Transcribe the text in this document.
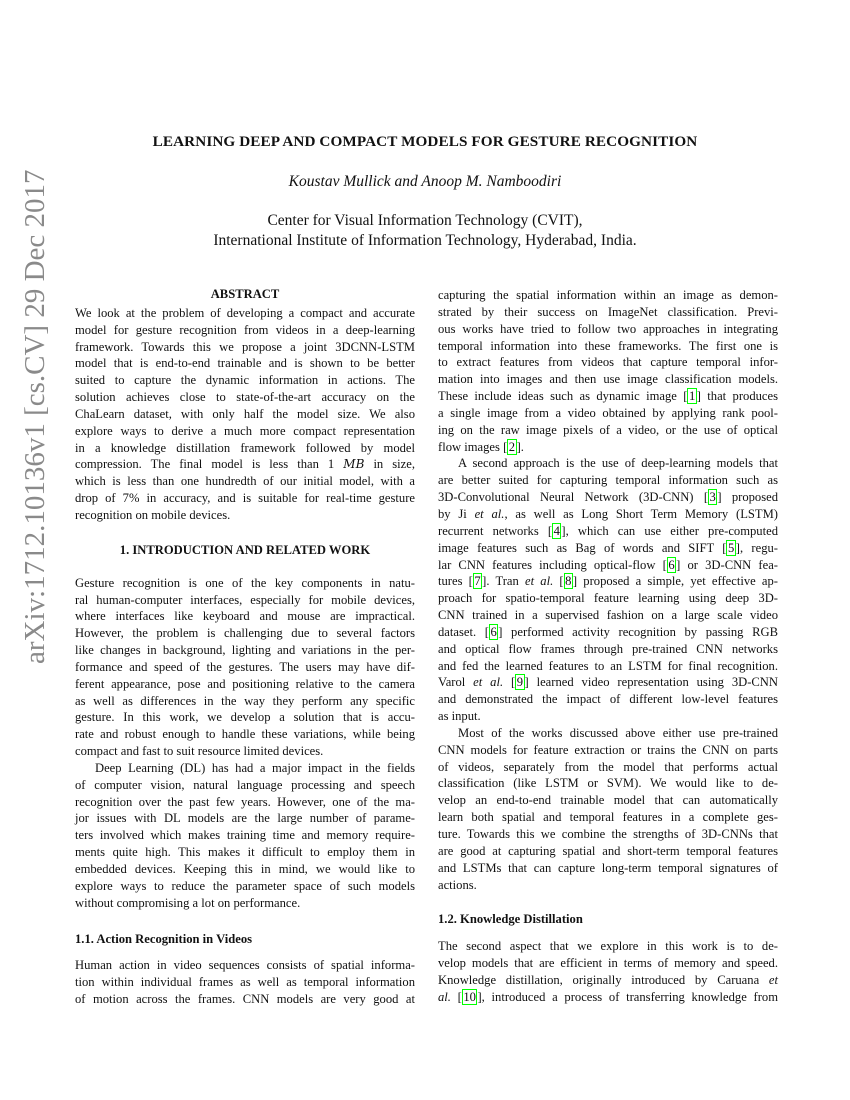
LEARNING DEEP AND COMPACT MODELS FOR GESTURE RECOGNITION
Koustav Mullick and Anoop M. Namboodiri
Center for Visual Information Technology (CVIT),
International Institute of Information Technology, Hyderabad, India.
arXiv:1712.10136v1 [cs.CV] 29 Dec 2017	ABSTRACT
We look at the problem of developing a compact and accurate
model for gesture recognition from videos in a deep-learning
framework. Towards this we propose a joint 3DCNN-LSTM
model that is end-to-end trainable and is shown to be better
suited to capture the dynamic information in actions. The
solution achieves close to state-of-the-art accuracy on the
ChaLearn dataset, with only half the model size. We also
explore ways to derive a much more compact representation
in a knowledge distillation framework followed by model
compression. The final model is less than 1 MB in size,
which is less than one hundredth of our initial model, with a
drop of 7% in accuracy, and is suitable for real-time gesture
recognition on mobile devices.
1. INTRODUCTION AND RELATED WORK
Gesture recognition is one of the key components in natu-
ral human-computer interfaces, especially for mobile devices,
where interfaces like keyboard and mouse are impractical.
However, the problem is challenging due to several factors
like changes in background, lighting and variations in the per-
formance and speed of the gestures. The users may have dif-
ferent appearance, pose and positioning relative to the camera
as well as differences in the way they perform any specific
gesture. In this work, we develop a solution that is accu-
rate and robust enough to handle these variations, while being
compact and fast to suit resource limited devices.
Deep Learning (DL) has had a major impact in the fields
of computer vision, natural language processing and speech
recognition over the past few years. However, one of the ma-
jor issues with DL models are the large number of parame-
ters involved which makes training time and memory require-
ments quite high. This makes it difficult to employ them in
embedded devices. Keeping this in mind, we would like to
explore ways to reduce the parameter space of such models
without compromising a lot on performance.
1.1. Action Recognition in Videos
Human action in video sequences consists of spatial informa-
tion within individual frames as well as temporal information
of motion across the frames. CNN models are very good at
capturing the spatial information within an image as demon-
strated by their success on ImageNet classification. Previ-
ous works have tried to follow two approaches in integrating
temporal information into these frameworks. The first one is
to extract features from videos that capture temporal infor-
mation into images and then use image classification models.
These include ideas such as dynamic image [ 1 ] that produces
a single image from a video obtained by applying rank pool-
ing on the raw image pixels of a video, or the use of optical
flow images [ 2 ].
A second approach is the use of deep-learning models that
are better suited for capturing temporal information such as
3D-Convolutional Neural Network (3D-CNN) [ 3 ] proposed
by Ji et al., as well as Long Short Term Memory (LSTM)
recurrent networks [ 4 ], which can use either pre-computed
image features such as Bag of words and SIFT [ 5 ], regu-
lar CNN features including optical-flow [ 6 ] or 3D-CNN fea-
tures [ 7 ]. Tran et al. [ 8 ] proposed a simple, yet effective ap-
proach for spatio-temporal feature learning using deep 3D-
CNN trained in a supervised fashion on a large scale video
dataset. [ 6 ] performed activity recognition by passing RGB
and optical flow frames through pre-trained CNN networks
and fed the learned features to an LSTM for final recognition.
Varol et al. [ 9 ] learned video representation using 3D-CNN
and demonstrated the impact of different low-level features
as input.
Most of the works discussed above either use pre-trained
CNN models for feature extraction or trains the CNN on parts
of videos, separately from the model that performs actual
classification (like LSTM or SVM). We would like to de-
velop an end-to-end trainable model that can automatically
learn both spatial and temporal features in a complete ges-
ture. Towards this we combine the strengths of 3D-CNNs that
are good at capturing spatial and short-term temporal features
and LSTMs that can capture long-term temporal signatures of
actions.
1.2. Knowledge Distillation
The second aspect that we explore in this work is to de-
velop models that are efficient in terms of memory and speed.
Knowledge distillation, originally introduced by Caruana et
al. [ 10 ], introduced a process of transferring knowledge from
